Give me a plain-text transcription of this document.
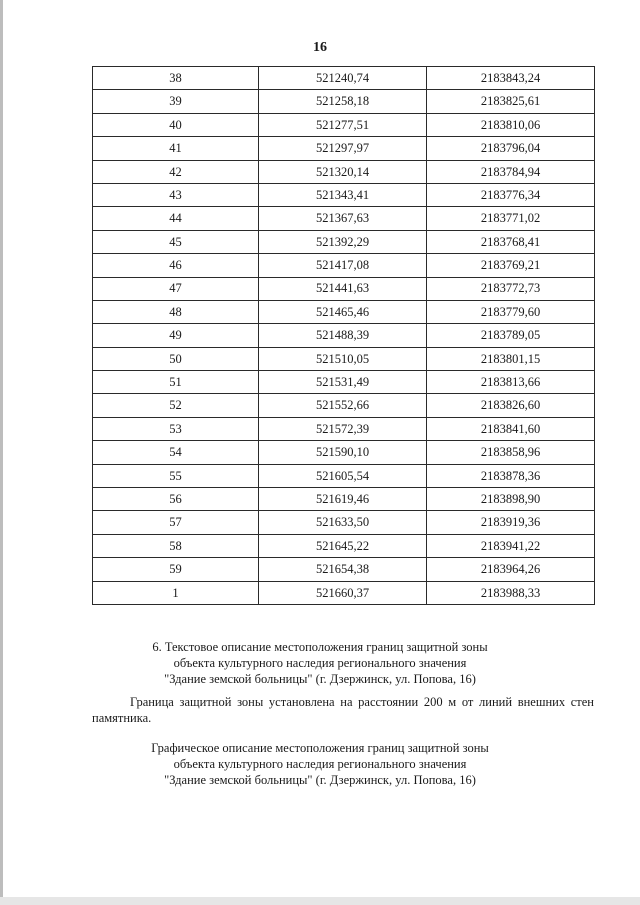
16
38	521240,74	2183843,24
39	521258,18	2183825,61
40	521277,51	2183810,06
41	521297,97	2183796,04
42	521320,14	2183784,94
43	521343,41	2183776,34
44	521367,63	2183771,02
45	521392,29	2183768,41
46	521417,08	2183769,21
47	521441,63	2183772,73
48	521465,46	2183779,60
49	521488,39	2183789,05
50	521510,05	2183801,15
51	521531,49	2183813,66
52	521552,66	2183826,60
53	521572,39	2183841,60
54	521590,10	2183858,96
55	521605,54	2183878,36
56	521619,46	2183898,90
57	521633,50	2183919,36
58	521645,22	2183941,22
59	521654,38	2183964,26
1	521660,37	2183988,33

6. Текстовое описание местоположения границ защитной зоны

объекта культурного наследия регионального значения

"Здание земской больницы" (г. Дзержинск, ул. Попова, 16)

Граница защитной зоны установлена на расстоянии 200 м от линий внешних стен памятника.

Графическое описание местоположения границ защитной зоны

объекта культурного наследия регионального значения

"Здание земской больницы" (г. Дзержинск, ул. Попова, 16)
